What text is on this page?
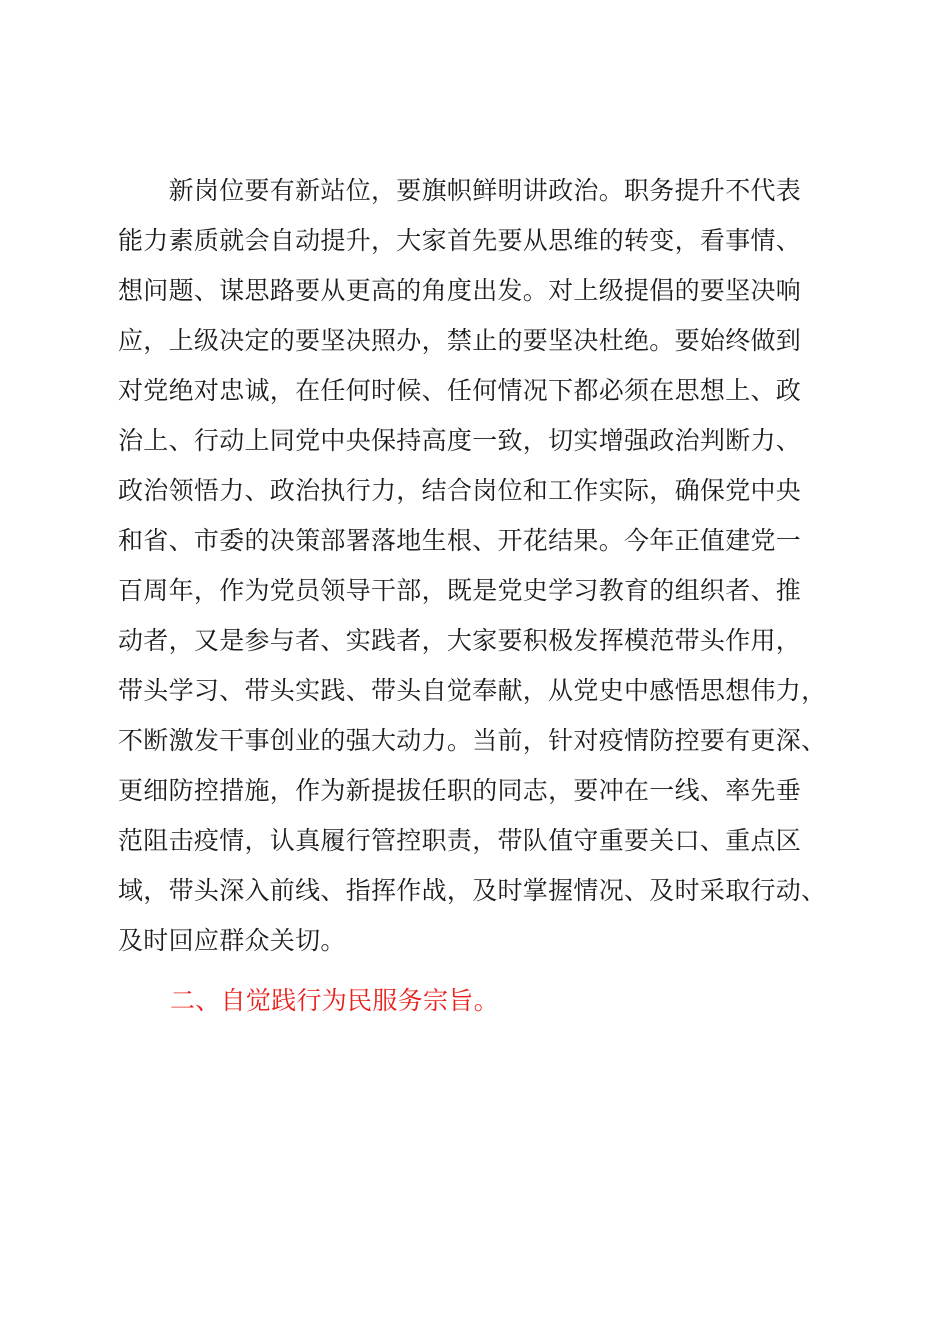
　　新岗位要有新站位，要旗帜鲜明讲政治。职务提升不代表
能力素质就会自动提升，大家首先要从思维的转变，看事情、
想问题、谋思路要从更高的角度出发。对上级提倡的要坚决响
应，上级决定的要坚决照办，禁止的要坚决杜绝。要始终做到
对党绝对忠诚，在任何时候、任何情况下都必须在思想上、政
治上、行动上同党中央保持高度一致，切实增强政治判断力、
政治领悟力、政治执行力，结合岗位和工作实际，确保党中央
和省、市委的决策部署落地生根、开花结果。今年正值建党一
百周年，作为党员领导干部，既是党史学习教育的组织者、推
动者，又是参与者、实践者，大家要积极发挥模范带头作用，
带头学习、带头实践、带头自觉奉献，从党史中感悟思想伟力，
不断激发干事创业的强大动力。当前，针对疫情防控要有更深、
更细防控措施，作为新提拔任职的同志，要冲在一线、率先垂
范阻击疫情，认真履行管控职责，带队值守重要关口、重点区
域，带头深入前线、指挥作战，及时掌握情况、及时采取行动、
及时回应群众关切。
二、自觉践行为民服务宗旨。
